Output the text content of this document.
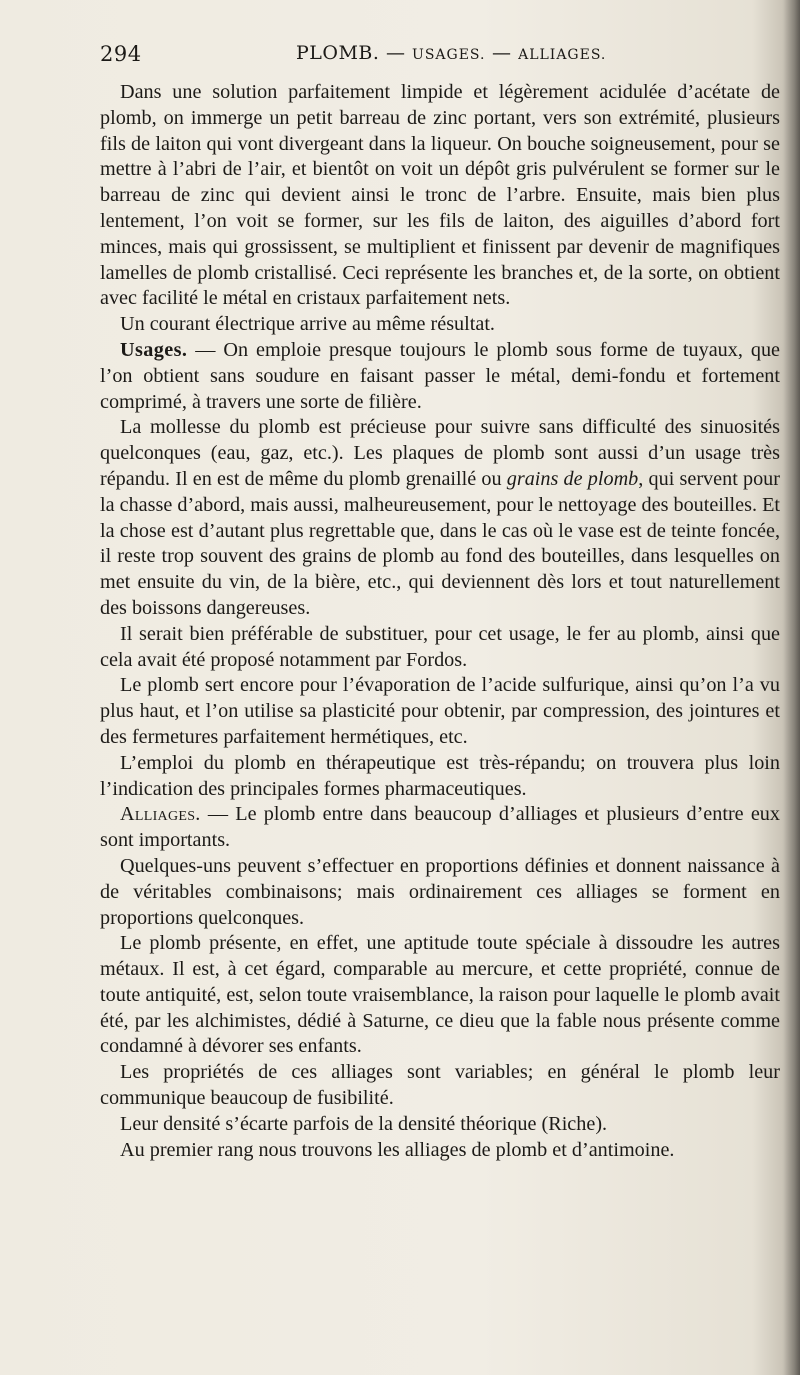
294	PLOMB. — USAGES. — ALLIAGES.

Dans une solution parfaitement limpide et légèrement acidulée d’acétate de plomb, on immerge un petit barreau de zinc portant, vers son extrémité, plusieurs fils de laiton qui vont divergeant dans la liqueur. On bouche soigneusement, pour se mettre à l’abri de l’air, et bientôt on voit un dépôt gris pulvérulent se former sur le barreau de zinc qui devient ainsi le tronc de l’arbre. Ensuite, mais bien plus lentement, l’on voit se former, sur les fils de laiton, des aiguilles d’abord fort minces, mais qui grossissent, se multiplient et finissent par devenir de magnifiques lamelles de plomb cristallisé. Ceci représente les branches et, de la sorte, on obtient avec facilité le métal en cristaux parfaitement nets.

Un courant électrique arrive au même résultat.

Usages. — On emploie presque toujours le plomb sous forme de tuyaux, que l’on obtient sans soudure en faisant passer le métal, demi-fondu et fortement comprimé, à travers une sorte de filière.

La mollesse du plomb est précieuse pour suivre sans difficulté des sinuosités quelconques (eau, gaz, etc.). Les plaques de plomb sont aussi d’un usage très répandu. Il en est de même du plomb grenaillé ou grains de plomb, qui servent pour la chasse d’abord, mais aussi, malheureusement, pour le nettoyage des bouteilles. Et la chose est d’autant plus regrettable que, dans le cas où le vase est de teinte foncée, il reste trop souvent des grains de plomb au fond des bouteilles, dans lesquelles on met ensuite du vin, de la bière, etc., qui deviennent dès lors et tout naturellement des boissons dangereuses.

Il serait bien préférable de substituer, pour cet usage, le fer au plomb, ainsi que cela avait été proposé notamment par Fordos.

Le plomb sert encore pour l’évaporation de l’acide sulfurique, ainsi qu’on l’a vu plus haut, et l’on utilise sa plasticité pour obtenir, par compression, des jointures et des fermetures parfaitement hermétiques, etc.

L’emploi du plomb en thérapeutique est très-répandu; on trouvera plus loin l’indication des principales formes pharmaceutiques.

Alliages. — Le plomb entre dans beaucoup d’alliages et plusieurs d’entre eux sont importants.

Quelques-uns peuvent s’effectuer en proportions définies et donnent naissance à de véritables combinaisons; mais ordinairement ces alliages se forment en proportions quelconques.

Le plomb présente, en effet, une aptitude toute spéciale à dissoudre les autres métaux. Il est, à cet égard, comparable au mercure, et cette propriété, connue de toute antiquité, est, selon toute vraisemblance, la raison pour laquelle le plomb avait été, par les alchimistes, dédié à Saturne, ce dieu que la fable nous présente comme condamné à dévorer ses enfants.

Les propriétés de ces alliages sont variables; en général le plomb leur communique beaucoup de fusibilité.

Leur densité s’écarte parfois de la densité théorique (Riche).

Au premier rang nous trouvons les alliages de plomb et d’antimoine.
